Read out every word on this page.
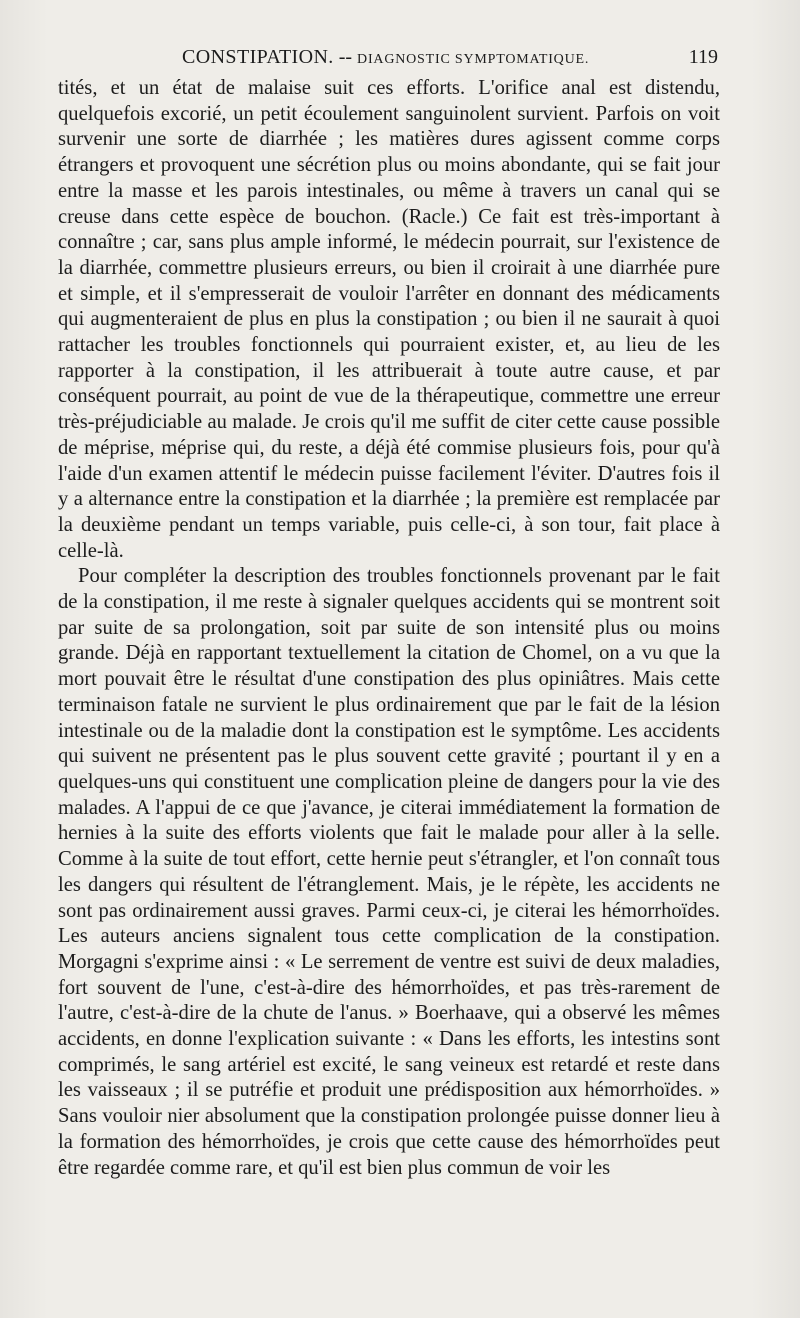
CONSTIPATION. -- DIAGNOSTIC SYMPTOMATIQUE.	119

tités, et un état de malaise suit ces efforts. L'orifice anal est distendu, quelquefois excorié, un petit écoulement sanguinolent survient. Parfois on voit survenir une sorte de diarrhée ; les matières dures agissent comme corps étrangers et provoquent une sécrétion plus ou moins abondante, qui se fait jour entre la masse et les parois intestinales, ou même à travers un canal qui se creuse dans cette espèce de bouchon. (Racle.) Ce fait est très-important à connaître ; car, sans plus ample informé, le médecin pourrait, sur l'existence de la diarrhée, commettre plusieurs erreurs, ou bien il croirait à une diarrhée pure et simple, et il s'empresserait de vouloir l'arrêter en donnant des médicaments qui augmenteraient de plus en plus la constipation ; ou bien il ne saurait à quoi rattacher les troubles fonctionnels qui pourraient exister, et, au lieu de les rapporter à la constipation, il les attribuerait à toute autre cause, et par conséquent pourrait, au point de vue de la thérapeutique, commettre une erreur très-préjudiciable au malade. Je crois qu'il me suffit de citer cette cause possible de méprise, méprise qui, du reste, a déjà été commise plusieurs fois, pour qu'à l'aide d'un examen attentif le médecin puisse facilement l'éviter. D'autres fois il y a alternance entre la constipation et la diarrhée ; la première est remplacée par la deuxième pendant un temps variable, puis celle-ci, à son tour, fait place à celle-là.

Pour compléter la description des troubles fonctionnels provenant par le fait de la constipation, il me reste à signaler quelques accidents qui se montrent soit par suite de sa prolongation, soit par suite de son intensité plus ou moins grande. Déjà en rapportant textuellement la citation de Chomel, on a vu que la mort pouvait être le résultat d'une constipation des plus opiniâtres. Mais cette terminaison fatale ne survient le plus ordinairement que par le fait de la lésion intestinale ou de la maladie dont la constipation est le symptôme. Les accidents qui suivent ne présentent pas le plus souvent cette gravité ; pourtant il y en a quelques-uns qui constituent une complication pleine de dangers pour la vie des malades. A l'appui de ce que j'avance, je citerai immédiatement la formation de hernies à la suite des efforts violents que fait le malade pour aller à la selle. Comme à la suite de tout effort, cette hernie peut s'étrangler, et l'on connaît tous les dangers qui résultent de l'étranglement. Mais, je le répète, les accidents ne sont pas ordinairement aussi graves. Parmi ceux-ci, je citerai les hémorrhoïdes. Les auteurs anciens signalent tous cette complication de la constipation. Morgagni s'exprime ainsi : « Le serrement de ventre est suivi de deux maladies, fort souvent de l'une, c'est-à-dire des hémorrhoïdes, et pas très-rarement de l'autre, c'est-à-dire de la chute de l'anus. » Boerhaave, qui a observé les mêmes accidents, en donne l'explication suivante : « Dans les efforts, les intestins sont comprimés, le sang artériel est excité, le sang veineux est retardé et reste dans les vaisseaux ; il se putréfie et produit une prédisposition aux hémorrhoïdes. » Sans vouloir nier absolument que la constipation prolongée puisse donner lieu à la formation des hémorrhoïdes, je crois que cette cause des hémorrhoïdes peut être regardée comme rare, et qu'il est bien plus commun de voir les
